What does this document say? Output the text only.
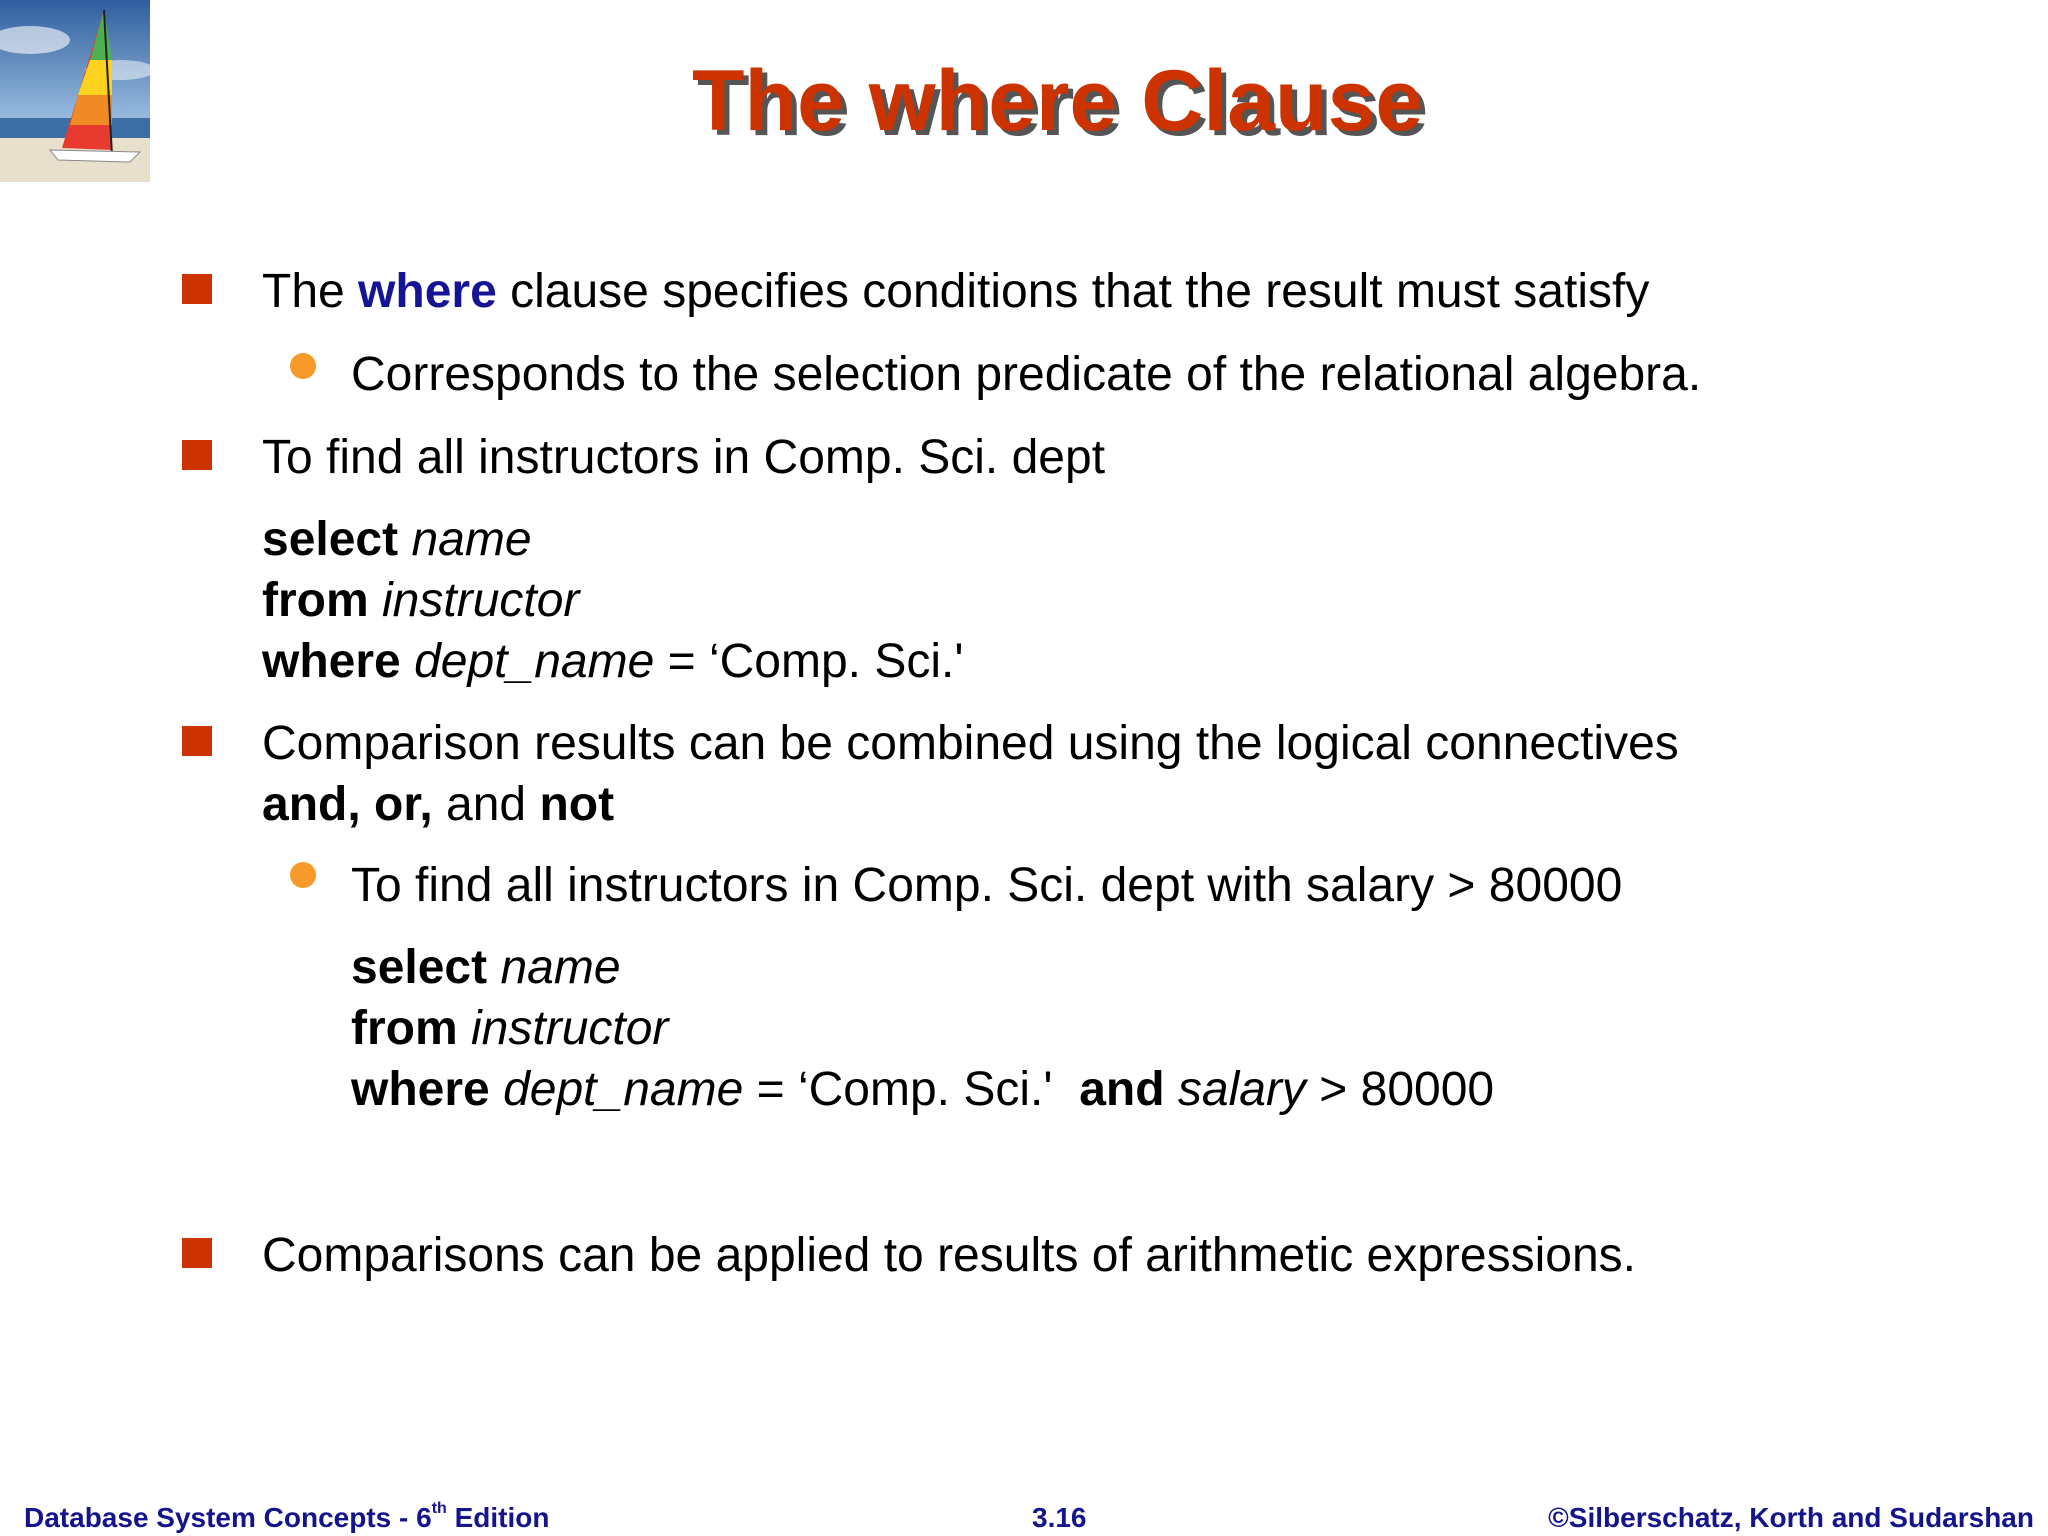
The where Clause
The where clause specifies conditions that the result must satisfy
Corresponds to the selection predicate of the relational algebra.
To find all instructors in Comp. Sci. dept
select name
from instructor
where dept_name = ‘Comp. Sci.'
Comparison results can be combined using the logical connectives
and, or, and not
To find all instructors in Comp. Sci. dept with salary > 80000
select name
from instructor
where dept_name = ‘Comp. Sci.'  and salary > 80000
Comparisons can be applied to results of arithmetic expressions.
Database System Concepts - 6th Edition	3.16	©Silberschatz, Korth and Sudarshan
